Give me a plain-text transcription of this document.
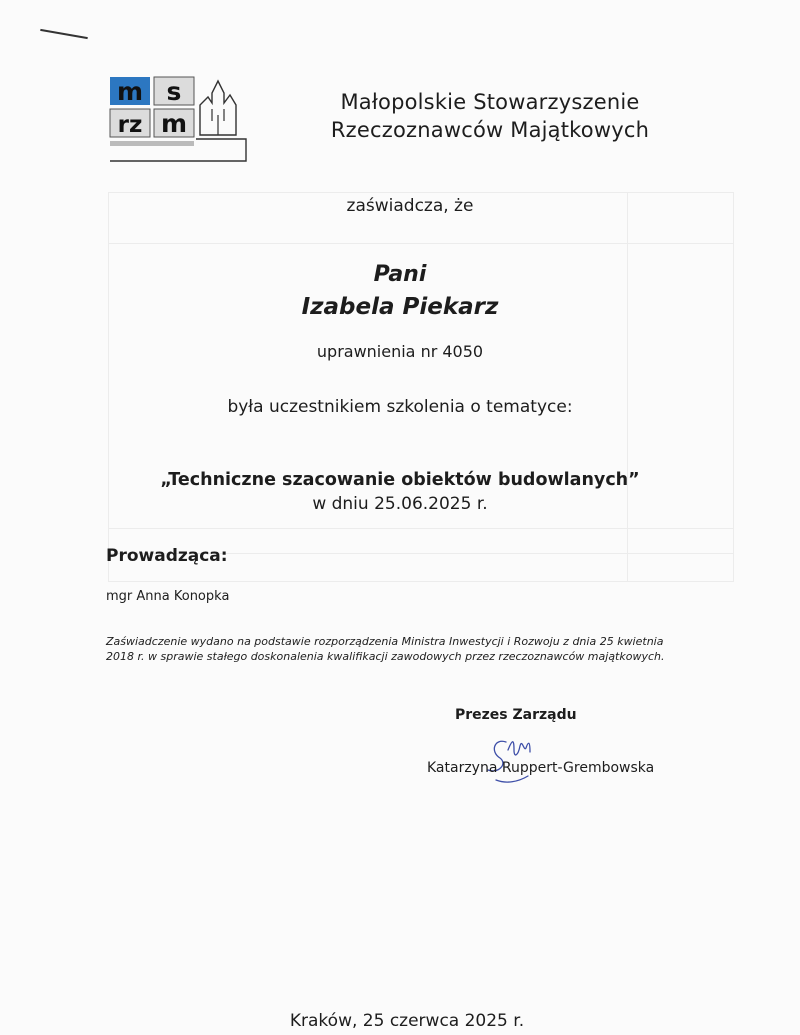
m s
rz m
Małopolskie Stowarzyszenie
Rzeczoznawców Majątkowych
zaświadcza, że
Pani
Izabela Piekarz
uprawnienia nr 4050
była uczestnikiem szkolenia o tematyce:
„Techniczne szacowanie obiektów budowlanych”
w dniu 25.06.2025 r.
Prowadząca:
mgr Anna Konopka
Zaświadczenie wydano na podstawie rozporządzenia Ministra Inwestycji i Rozwoju z dnia 25 kwietnia
2018 r. w sprawie stałego doskonalenia kwalifikacji zawodowych przez rzeczoznawców majątkowych.
Prezes Zarządu
Katarzyna Ruppert-Grembowska
Kraków, 25 czerwca 2025 r.
